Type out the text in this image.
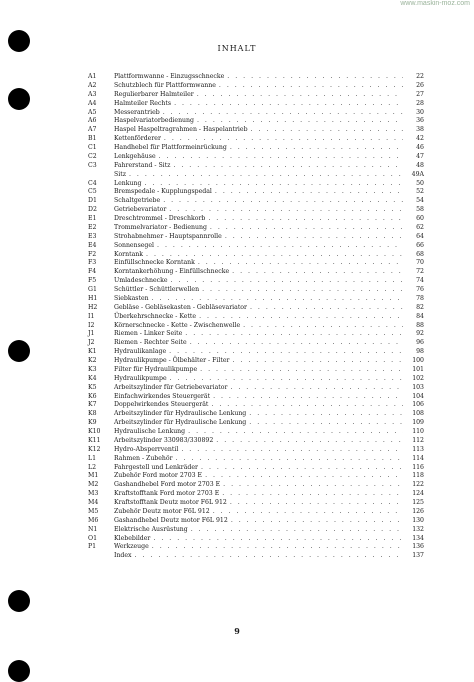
www.maskin-moz.com
INHALT
A1	Plattformwanne - Einzugsschnecke . . .	22
A2	Schutzblech für Plattformwanne . . .	26
A3	Regulierbarer Halmteiler . . .	27
A4	Halmteiler Rechts . . .	28
A5	Messerantrieb . . .	30
A6	Haspelvariatorbedienung . . .	36
A7	Haspel Haspeltragrahmen - Haspelantrieb . . .	38
B1	Kettenförderer . . .	42
C1	Handhebel für Plattformeinrückung . . .	46
C2	Lenkgehäuse . . .	47
C3	Fahrerstand - Sitz . . .	48
Sitz . . .	49A
C4	Lenkung . . .	50
C5	Bremspedale - Kupplungspedal . . .	52
D1	Schaltgetriebe . . .	54
D2	Getriebevariator . . .	58
E1	Dreschtrommel - Dreschkorb . . .	60
E2	Trommelvariator - Bedienung . . .	62
E3	Strohabnehmer - Hauptspannrolle . . .	64
E4	Sonnensegel . . .	66
F2	Korntank . . .	68
F3	Einfüllschnecke Korntank . . .	70
F4	Korntankerhöhung - Einfüllschnecke . . .	72
F5	Umladeschnecke . . .	74
G1	Schüttler - Schüttlerwellen . . .	76
H1	Siebkasten . . .	78
H2	Gebläse - Gebläsekasten - Gebläsevariator . . .	82
I1	Überkehrschnecke - Kette . . .	84
I2	Körnerschnecke - Kette - Zwischenwelle . . .	88
J1	Riemen - Linker Seite . . .	92
J2	Riemen - Rechter Seite . . .	96
K1	Hydraulikanlage . . .	98
K2	Hydraulikpumpe - Ölbehälter - Filter . . .	100
K3	Filter für Hydraulikpumpe . . .	101
K4	Hydraulikpumpe . . .	102
K5	Arbeitszylinder für Getriebevariator . . .	103
K6	Einfachwirkendes Steuergerät . . .	104
K7	Doppelwirkendes Steuergerät . . .	106
K8	Arbeitszylinder für Hydraulische Lenkung . . .	108
K9	Arbeitszylinder für Hydraulische Lenkung . . .	109
K10	Hydraulische Lenkung . . .	110
K11	Arbeitszylinder 330983/330892 . . .	112
K12	Hydro-Absperrventil . . .	113
L1	Rahmen - Zubehör . . .	114
L2	Fahrgestell und Lenkräder . . .	116
M1	Zubehör Ford motor 2703 E . . .	118
M2	Gashandhebel Ford motor 2703 E . . .	122
M3	Kraftstofftank Ford motor 2703 E . . .	124
M4	Kraftstofftank Deutz motor F6L 912 . . .	125
M5	Zubehör Deutz motor F6L 912 . . .	126
M6	Gashandhebel Deutz motor F6L 912 . . .	130
N1	Elektrische Ausrüstung . . .	132
O1	Klebebilder . . .	134
P1	Werkzeuge . . .	136
Index . . .	137
9
